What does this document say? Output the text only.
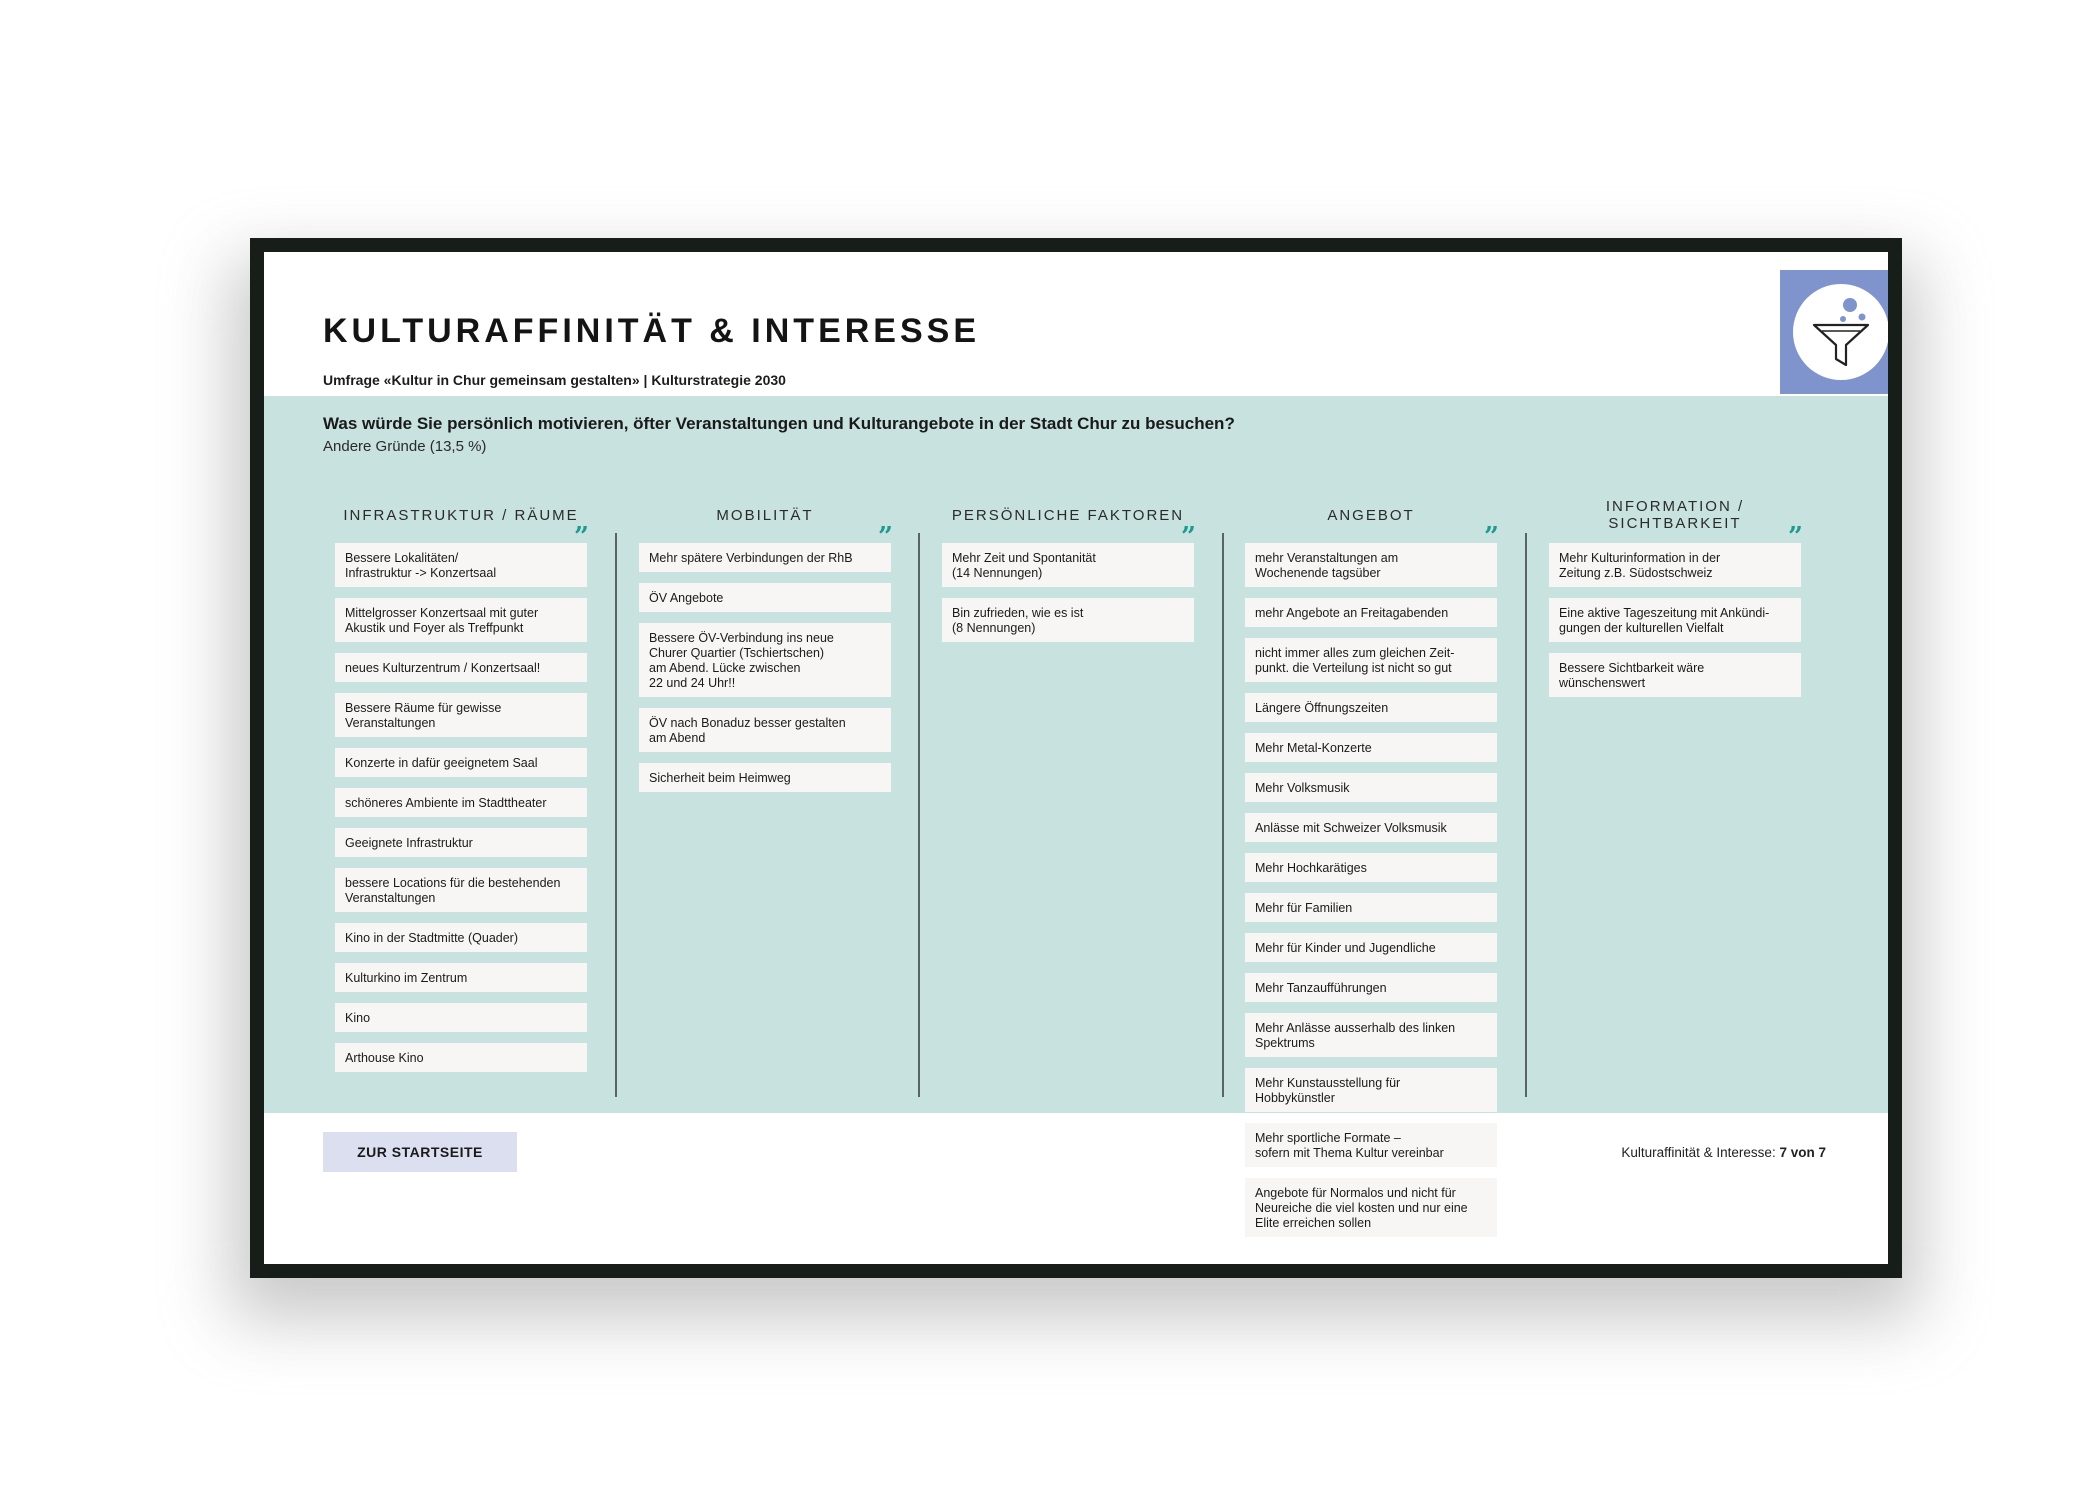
KULTURAFFINITÄT & INTERESSE
Umfrage «Kultur in Chur gemeinsam gestalten» | Kulturstrategie 2030
Was würde Sie persönlich motivieren, öfter Veranstaltungen und Kulturangebote in der Stadt Chur zu besuchen?
Andere Gründe (13,5 %)
INFRASTRUKTUR / RÄUME
”
Bessere Lokalitäten/
Infrastruktur -> Konzertsaal
Mittelgrosser Konzertsaal mit guter
Akustik und Foyer als Treffpunkt
neues Kulturzentrum / Konzertsaal!
Bessere Räume für gewisse
Veranstaltungen
Konzerte in dafür geeignetem Saal
schöneres Ambiente im Stadttheater
Geeignete Infrastruktur
bessere Locations für die bestehenden
Veranstaltungen
Kino in der Stadtmitte (Quader)
Kulturkino im Zentrum
Kino
Arthouse Kino
MOBILITÄT
”
Mehr spätere Verbindungen der RhB
ÖV Angebote
Bessere ÖV-Verbindung ins neue
Churer Quartier (Tschiertschen)
am Abend. Lücke zwischen
22 und 24 Uhr!!
ÖV nach Bonaduz besser gestalten
am Abend
Sicherheit beim Heimweg
PERSÖNLICHE FAKTOREN
”
Mehr Zeit und Spontanität
(14 Nennungen)
Bin zufrieden, wie es ist
(8 Nennungen)
ANGEBOT
”
mehr Veranstaltungen am
Wochenende tagsüber
mehr Angebote an Freitagabenden
nicht immer alles zum gleichen Zeit-
punkt. die Verteilung ist nicht so gut
Längere Öffnungszeiten
Mehr Metal-Konzerte
Mehr Volksmusik
Anlässe mit Schweizer Volksmusik
Mehr Hochkarätiges
Mehr für Familien
Mehr für Kinder und Jugendliche
Mehr Tanzaufführungen
Mehr Anlässe ausserhalb des linken
Spektrums
Mehr Kunstausstellung für
Hobbykünstler
Mehr sportliche Formate –
sofern mit Thema Kultur vereinbar
Angebote für Normalos und nicht für
Neureiche die viel kosten und nur eine
Elite erreichen sollen
INFORMATION /
SICHTBARKEIT	”
Mehr Kulturinformation in der
Zeitung z.B. Südostschweiz
Eine aktive Tageszeitung mit Ankündi-
gungen der kulturellen Vielfalt
Bessere Sichtbarkeit wäre
wünschenswert
ZUR STARTSEITE	Kulturaffinität & Interesse: 7 von 7
